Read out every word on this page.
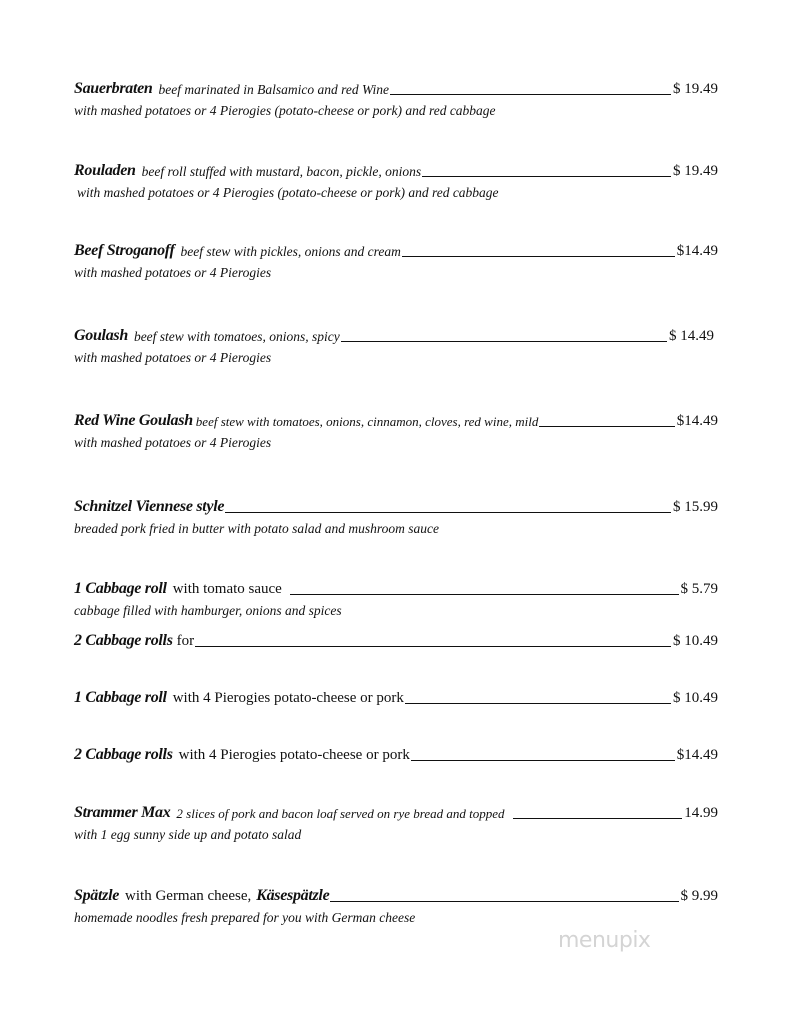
Sauerbraten beef marinated in Balsamico and red Wine	$ 19.49
with mashed potatoes or 4 Pierogies (potato-cheese or pork) and red cabbage
Rouladen beef roll stuffed with mustard, bacon, pickle, onions	$ 19.49
with mashed potatoes or 4 Pierogies (potato-cheese or pork) and red cabbage
Beef Stroganoff beef stew with pickles, onions and cream	$14.49
with mashed potatoes or 4 Pierogies
Goulash beef stew with tomatoes, onions, spicy	$ 14.49
with mashed potatoes or 4 Pierogies
Red Wine Goulash beef stew with tomatoes, onions, cinnamon, cloves, red wine, mild	$14.49
with mashed potatoes or 4 Pierogies
Schnitzel Viennese style	$ 15.99
breaded pork fried in butter with potato salad and mushroom sauce
1 Cabbage roll with tomato sauce	$ 5.79
cabbage filled with hamburger, onions and spices
2 Cabbage rolls for	$ 10.49
1 Cabbage roll with 4 Pierogies potato-cheese or pork	$ 10.49
2 Cabbage rolls with 4 Pierogies potato-cheese or pork	$14.49
Strammer Max 2 slices of pork and bacon loaf served on rye bread and topped	14.99
with 1 egg sunny side up and potato salad
Spätzle with German cheese, Käsespätzle	$ 9.99
homemade noodles fresh prepared for you with German cheese
menupix
